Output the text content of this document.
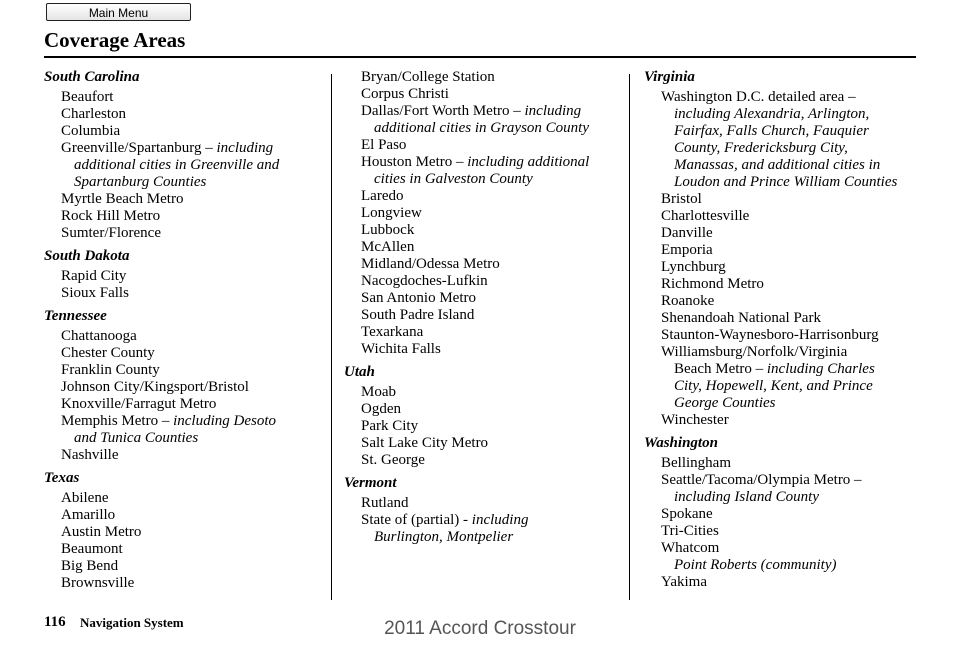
Main Menu
Coverage Areas
South Carolina
Beaufort
Charleston
Columbia
Greenville/Spartanburg – including
additional cities in Greenville and
Spartanburg Counties
Myrtle Beach Metro
Rock Hill Metro
Sumter/Florence
South Dakota
Rapid City
Sioux Falls
Tennessee
Chattanooga
Chester County
Franklin County
Johnson City/Kingsport/Bristol
Knoxville/Farragut Metro
Memphis Metro – including Desoto
and Tunica Counties
Nashville
Texas
Abilene
Amarillo
Austin Metro
Beaumont
Big Bend
Brownsville
Bryan/College Station
Corpus Christi
Dallas/Fort Worth Metro – including
additional cities in Grayson County
El Paso
Houston Metro – including additional
cities in Galveston County
Laredo
Longview
Lubbock
McAllen
Midland/Odessa Metro
Nacogdoches-Lufkin
San Antonio Metro
South Padre Island
Texarkana
Wichita Falls
Utah
Moab
Ogden
Park City
Salt Lake City Metro
St. George
Vermont
Rutland
State of (partial) - including
Burlington, Montpelier
Virginia
Washington D.C. detailed area –
including Alexandria, Arlington,
Fairfax, Falls Church, Fauquier
County, Fredericksburg City,
Manassas, and additional cities in
Loudon and Prince William Counties
Bristol
Charlottesville
Danville
Emporia
Lynchburg
Richmond Metro
Roanoke
Shenandoah National Park
Staunton-Waynesboro-Harrisonburg
Williamsburg/Norfolk/Virginia
Beach Metro – including Charles
City, Hopewell, Kent, and Prince
George Counties
Winchester
Washington
Bellingham
Seattle/Tacoma/Olympia Metro –
including Island County
Spokane
Tri-Cities
Whatcom
Point Roberts (community)
Yakima
116 Navigation System	2011 Accord Crosstour
